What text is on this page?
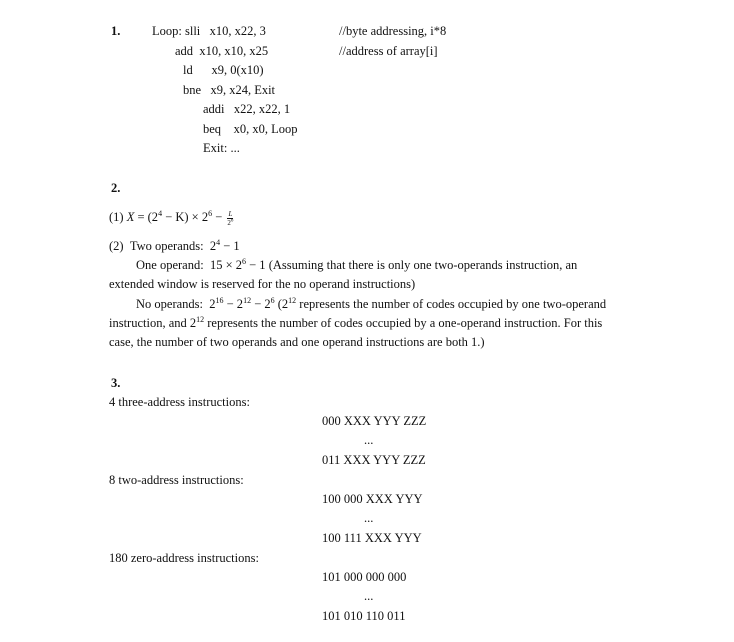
1.	Loop: slli x10, x22, 3	//byte addressing, i*8
add x10, x10, x25	//address of array[i]
ld x9, 0(x10)
bne x9, x24, Exit
addi x22, x22, 1
beq x0, x0, Loop
Exit: ...
2.
(1) $X = (2^4 - K) \times 2^6 - \frac{L}{2^6}$
(2) Two operands: $2^4 - 1$
One operand: $15 \times 2^6 - 1$ (Assuming that there is only one two-operands instruction, an extended window is reserved for the no operand instructions)
No operands: $2^{16} - 2^{12} - 2^6$ ($2^{12}$ represents the number of codes occupied by one two-operand instruction, and $2^{12}$ represents the number of codes occupied by a one-operand instruction. For this case, the number of two operands and one operand instructions are both 1.)
3.
4 three-address instructions:
000 XXX YYY ZZZ
...
011 XXX YYY ZZZ
8 two-address instructions:
100 000 XXX YYY
...
100 111 XXX YYY
180 zero-address instructions:
101 000 000 000
...
101 010 110 011
